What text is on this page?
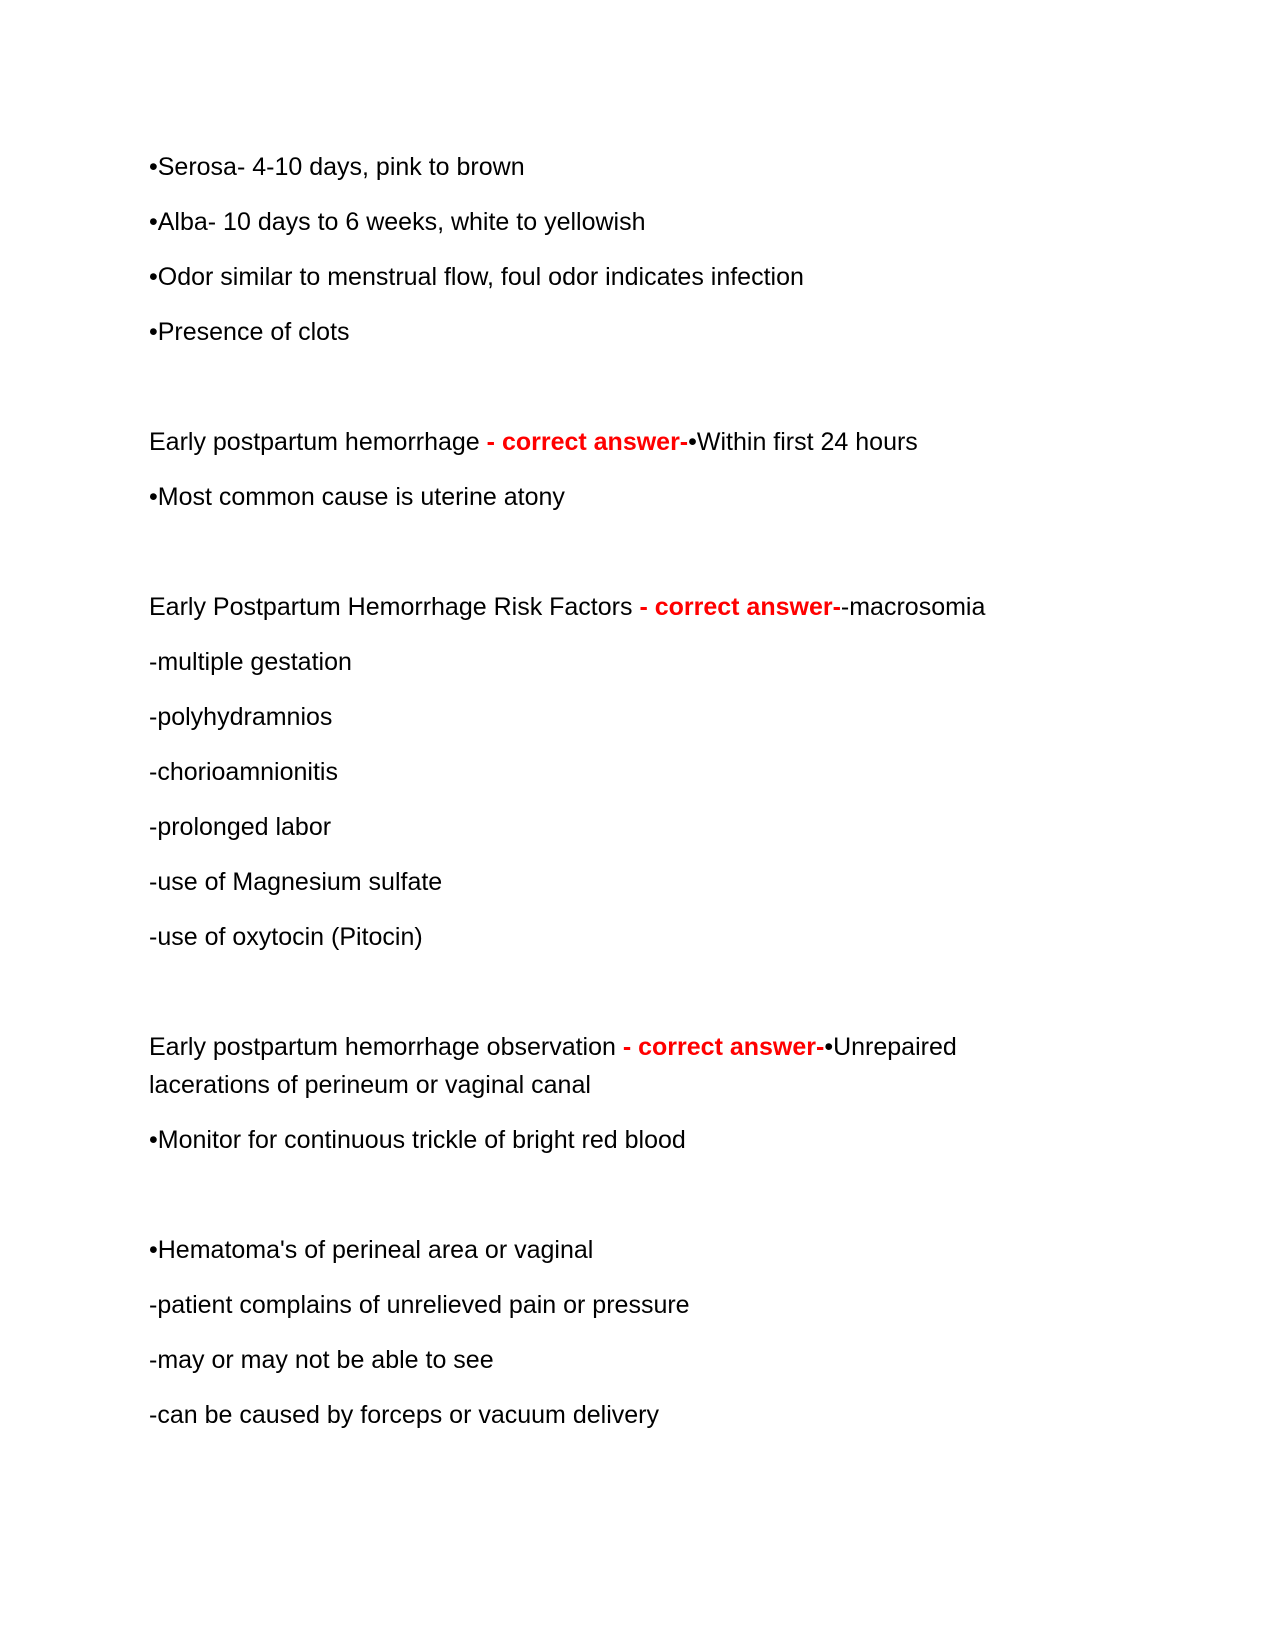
•Serosa- 4-10 days, pink to brown
•Alba- 10 days to 6 weeks, white to yellowish
•Odor similar to menstrual flow, foul odor indicates infection
•Presence of clots
Early postpartum hemorrhage - correct answer-•Within first 24 hours
•Most common cause is uterine atony
Early Postpartum Hemorrhage Risk Factors - correct answer--macrosomia
-multiple gestation
-polyhydramnios
-chorioamnionitis
-prolonged labor
-use of Magnesium sulfate
-use of oxytocin (Pitocin)
Early postpartum hemorrhage observation - correct answer-•Unrepaired lacerations of perineum or vaginal canal
•Monitor for continuous trickle of bright red blood
•Hematoma's of perineal area or vaginal
-patient complains of unrelieved pain or pressure
-may or may not be able to see
-can be caused by forceps or vacuum delivery
